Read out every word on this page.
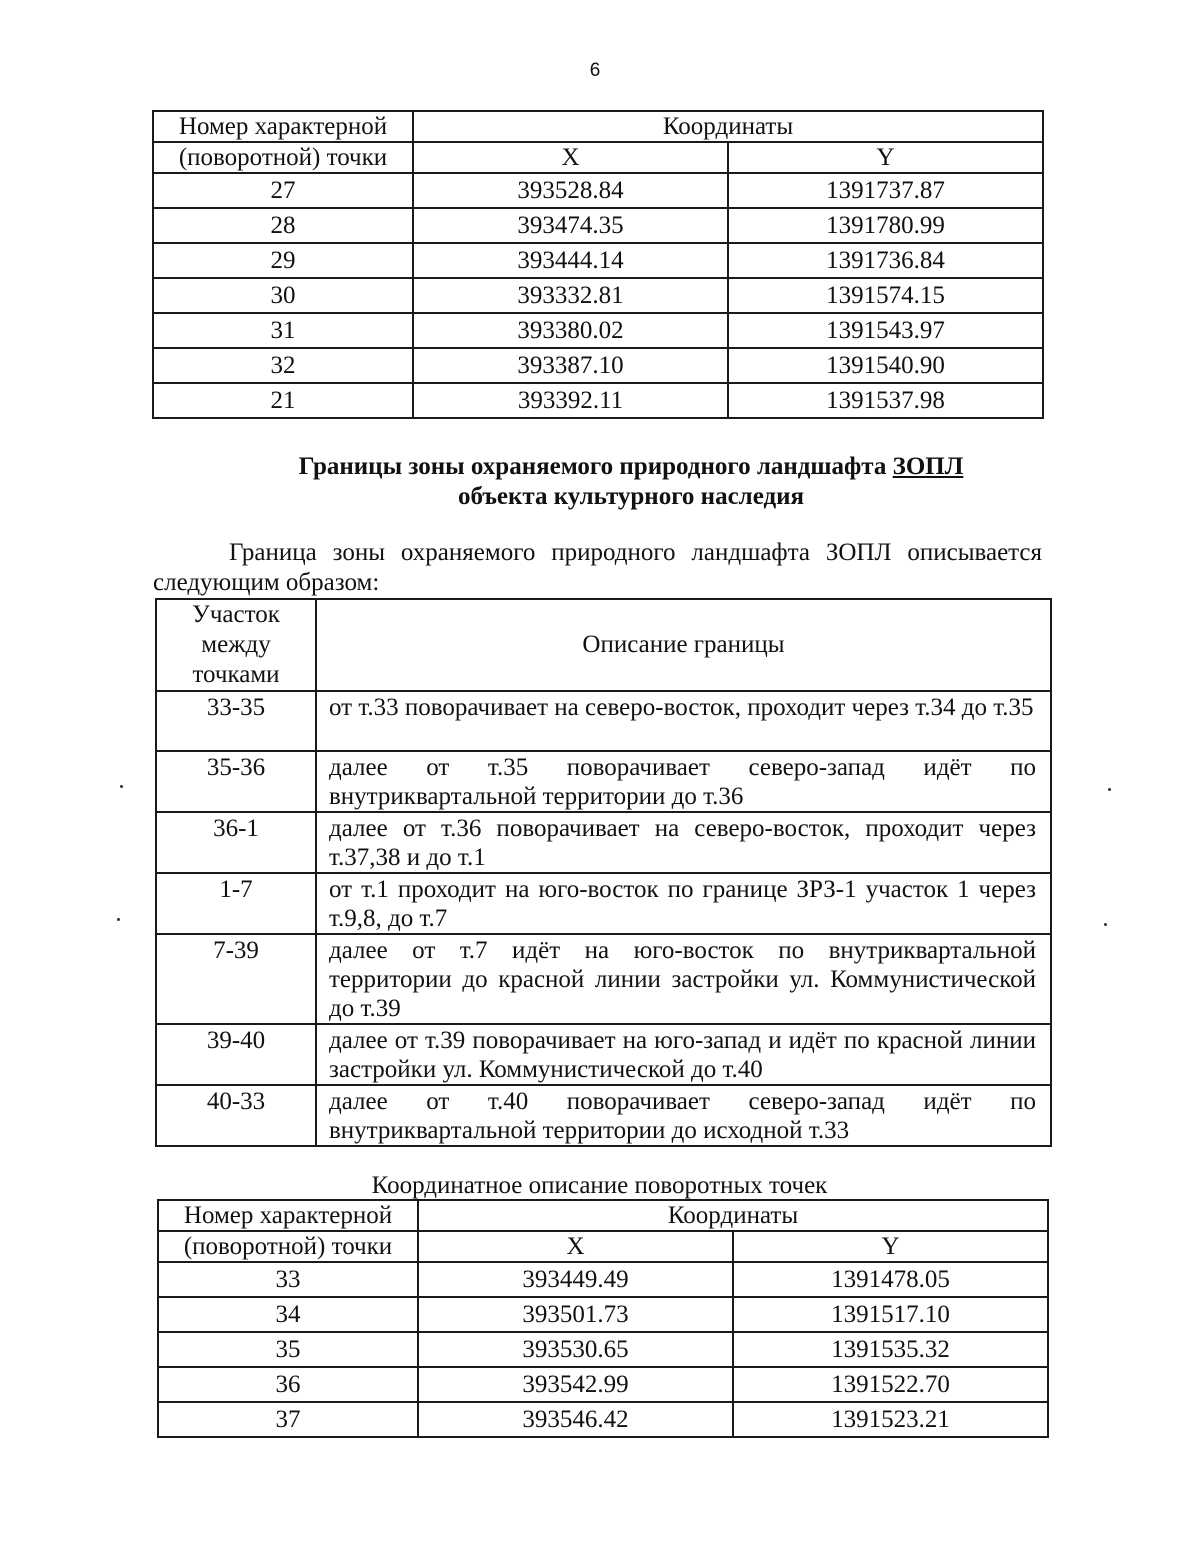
6
Номер характерной	Координаты	
(поворотной) точки	X	Y
27	393528.84	1391737.87
28	393474.35	1391780.99
29	393444.14	1391736.84
30	393332.81	1391574.15
31	393380.02	1391543.97
32	393387.10	1391540.90
21	393392.11	1391537.98
Границы зоны охраняемого природного ландшафта ЗОПЛ
объекта культурного наследия
Граница зоны охраняемого природного ландшафта ЗОПЛ описывается следующим образом:
Участок
между
точками	Описание границы
33-35	от т.33 поворачивает на северо-восток, проходит через т.34 до т.35
35-36	далее от т.35 поворачивает северо-запад идёт по внутриквартальной территории до т.36
36-1	далее от т.36 поворачивает на северо-восток, проходит через т.37,38 и до т.1
1-7	от т.1 проходит на юго-восток по границе ЗРЗ-1 участок 1 через т.9,8, до т.7
7-39	далее от т.7 идёт на юго-восток по внутриквартальной территории до красной линии застройки ул. Коммунистической до т.39
39-40	далее от т.39 поворачивает на юго-запад и идёт по красной линии застройки ул. Коммунистической до т.40
40-33	далее от т.40 поворачивает северо-запад идёт по внутриквартальной территории до исходной т.33
Координатное описание поворотных точек
Номер характерной	Координаты	
(поворотной) точки	X	Y
33	393449.49	1391478.05
34	393501.73	1391517.10
35	393530.65	1391535.32
36	393542.99	1391522.70
37	393546.42	1391523.21
